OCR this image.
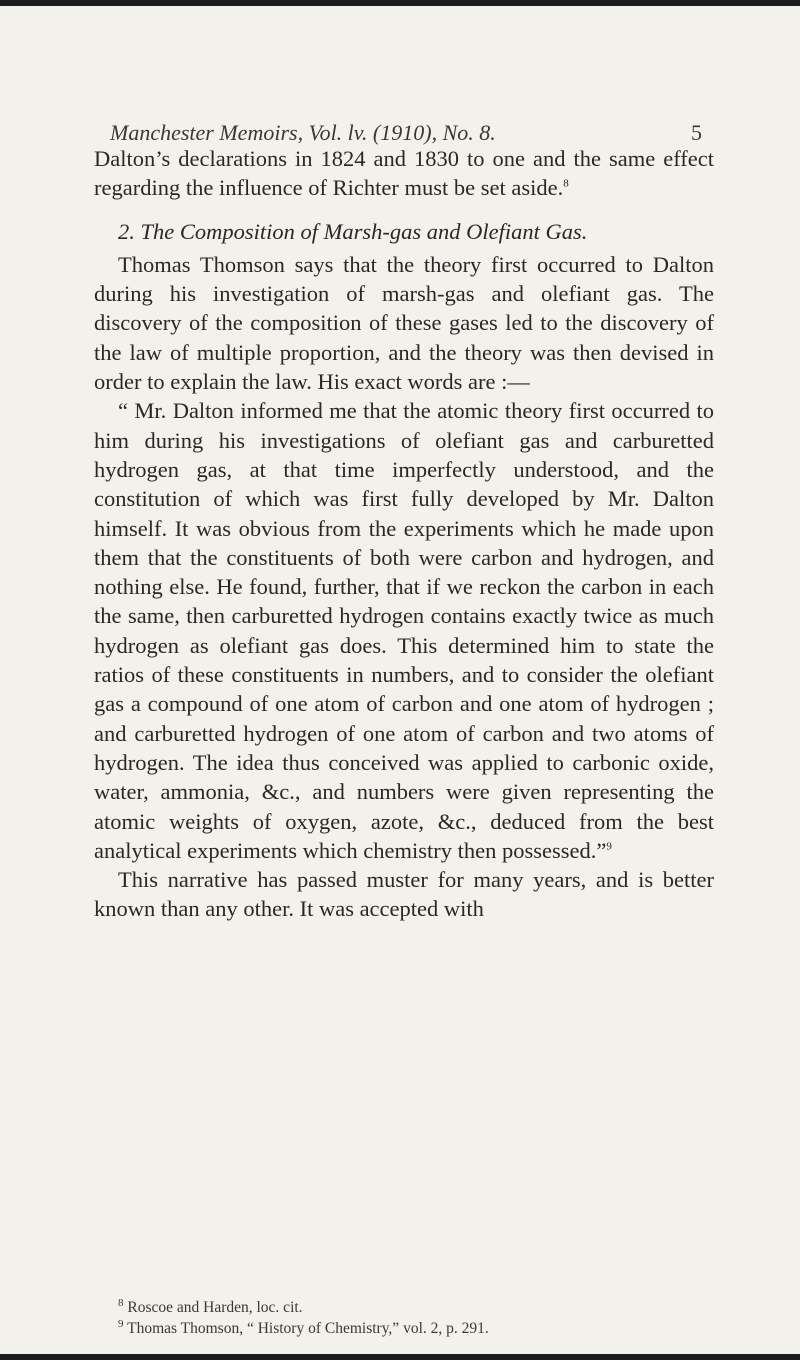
Manchester Memoirs, Vol. lv. (1910), No. 8.	5

Dalton’s declarations in 1824 and 1830 to one and the same effect regarding the influence of Richter must be set aside.$^8$

2. The Composition of Marsh-gas and Olefiant Gas.

Thomas Thomson says that the theory first occurred to Dalton during his investigation of marsh-gas and olefiant gas. The discovery of the composition of these gases led to the discovery of the law of multiple proportion, and the theory was then devised in order to explain the law. His exact words are :—

“ Mr. Dalton informed me that the atomic theory first occurred to him during his investigations of olefiant gas and carburetted hydrogen gas, at that time imperfectly understood, and the constitution of which was first fully developed by Mr. Dalton himself. It was obvious from the experiments which he made upon them that the constituents of both were carbon and hydrogen, and nothing else. He found, further, that if we reckon the carbon in each the same, then carburetted hydrogen contains exactly twice as much hydrogen as olefiant gas does. This determined him to state the ratios of these constituents in numbers, and to consider the olefiant gas a compound of one atom of carbon and one atom of hydrogen ; and carburetted hydrogen of one atom of carbon and two atoms of hydrogen. The idea thus conceived was applied to carbonic oxide, water, ammonia, &c., and numbers were given representing the atomic weights of oxygen, azote, &c., deduced from the best analytical experiments which chemistry then possessed.”$^9$

This narrative has passed muster for many years, and is better known than any other. It was accepted with

$^8$ Roscoe and Harden, loc. cit.

$^9$ Thomas Thomson, “ History of Chemistry,” vol. 2, p. 291.
